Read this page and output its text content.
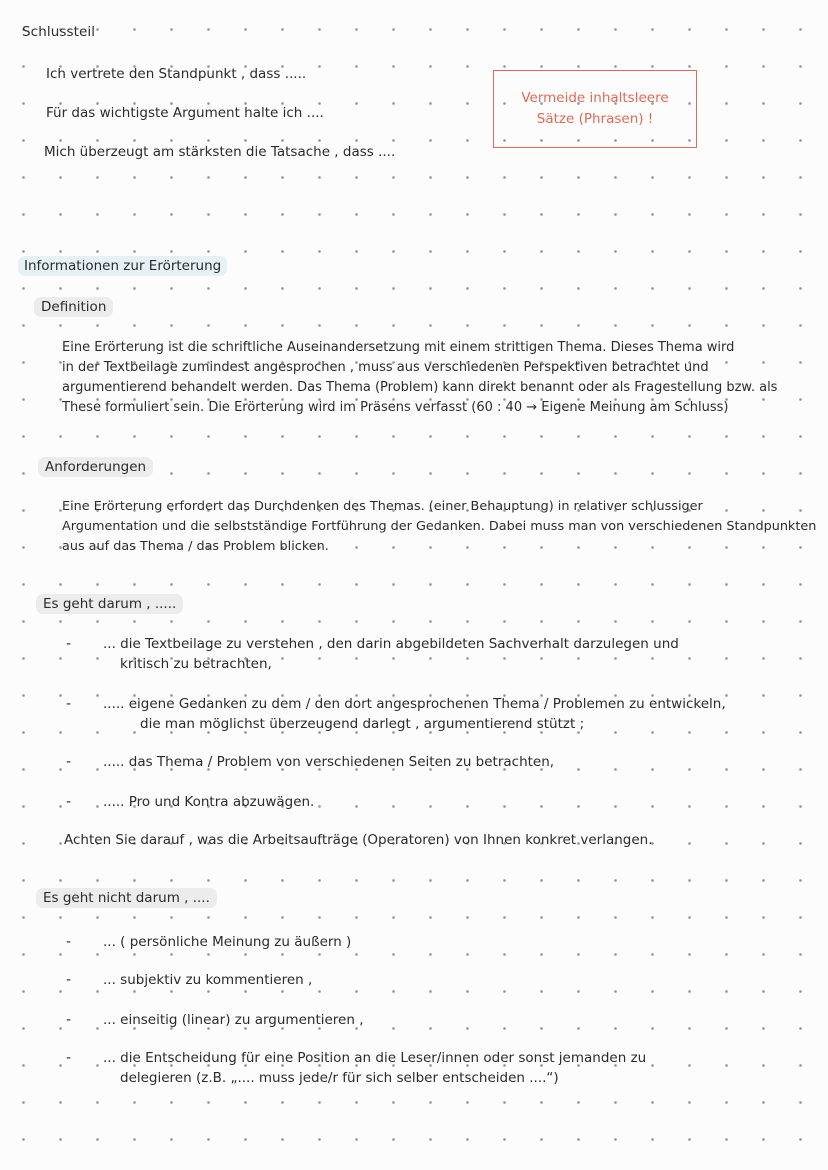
Schlussteil
Ich vertrete den Standpunkt , dass .....
Für das wichtigste Argument halte ich ....
Mich überzeugt am stärksten die Tatsache , dass ....
Vermeide inhaltsleere
Sätze (Phrasen) !
Informationen zur Erörterung
Definition
Eine Erörterung ist die schriftliche Auseinandersetzung mit einem strittigen Thema. Dieses Thema wird
in der Textbeilage zumindest angesprochen , muss aus verschiedenen Perspektiven betrachtet und
argumentierend behandelt werden. Das Thema (Problem) kann direkt benannt oder als Fragestellung bzw. als
These formuliert sein. Die Erörterung wird im Präsens verfasst (60 : 40 → Eigene Meinung am Schluss)
Anforderungen
Eine Erörterung erfordert das Durchdenken des Themas. (einer Behauptung) in relativer schlussiger
Argumentation und die selbstständige Fortführung der Gedanken. Dabei muss man von verschiedenen Standpunkten
aus auf das Thema / das Problem blicken.
Es geht darum , .....
- ... die Textbeilage zu verstehen , den darin abgebildeten Sachverhalt darzulegen und
kritisch zu betrachten,
- ..... eigene Gedanken zu dem / den dort angesprochenen Thema / Problemen zu entwickeln,
die man möglichst überzeugend darlegt , argumentierend stützt ;
- ..... das Thema / Problem von verschiedenen Seiten zu betrachten,
- ..... Pro und Kontra abzuwägen.
Achten Sie darauf , was die Arbeitsaufträge (Operatoren) von Ihnen konkret verlangen.
Es geht nicht darum , ....
- ... ( persönliche Meinung zu äußern )
- ... subjektiv zu kommentieren ,
- ... einseitig (linear) zu argumentieren ,
- ... die Entscheidung für eine Position an die Leser/innen oder sonst jemanden zu
delegieren (z.B. „.... muss jede/r für sich selber entscheiden ....“)
